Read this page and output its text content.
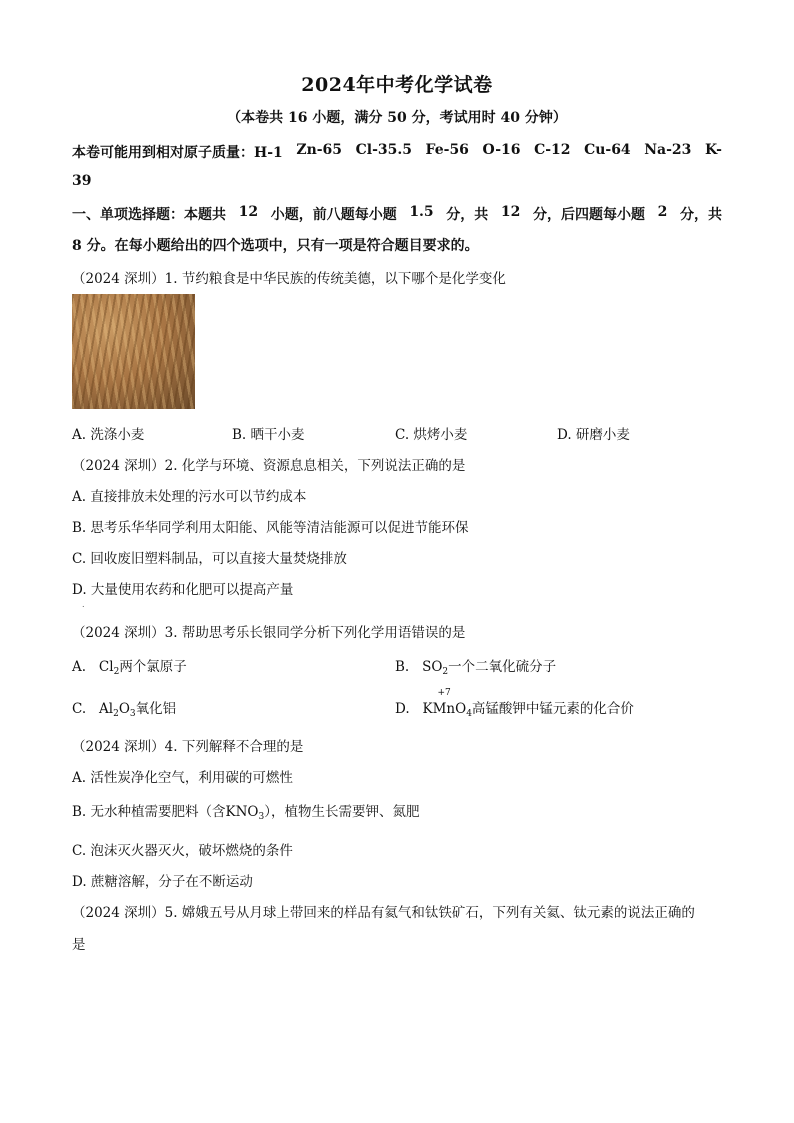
2024年中考化学试卷
（本卷共 16 小题，满分 50 分，考试用时 40 分钟）
本卷可能用到相对原子质量：H-1 Zn-65 Cl-35.5 Fe-56 O-16 C-12 Cu-64 Na-23 K-
39
一、单项选择题：本题共 12 小题，前八题每小题 1.5 分，共 12 分，后四题每小题 2 分，共
8 分。在每小题给出的四个选项中，只有一项是符合题目要求的。
（2024 深圳）1. 节约粮食是中华民族的传统美德，以下哪个是化学变化
A. 洗涤小麦	B. 晒干小麦	C. 烘烤小麦	D. 研磨小麦
（2024 深圳）2. 化学与环境、资源息息相关，下列说法正确的是
A. 直接排放未处理的污水可以节约成本
B. 思考乐华华同学利用太阳能、风能等清洁能源可以促进节能环保
C. 回收废旧塑料制品，可以直接大量焚烧排放
D. 大量使用农药和化肥可以提高产量
.
（2024 深圳）3. 帮助思考乐长银同学分析下列化学用语错误的是
A. $Cl_2$两个氯原子	B. $SO_2$一个二氧化硫分子
C. $Al_2O_3$氧化铝	D.
+7
KMnO$_4$高锰酸钾中锰元素的化合价
（2024 深圳）4. 下列解释不合理的是
A. 活性炭净化空气，利用碳的可燃性
B. 无水种植需要肥料（含$KNO_3$），植物生长需要钾、氮肥
C. 泡沫灭火器灭火，破坏燃烧的条件
D. 蔗糖溶解，分子在不断运动
（2024 深圳）5. 嫦娥五号从月球上带回来的样品有氦气和钛铁矿石，下列有关氦、钛元素的说法正确的
是
